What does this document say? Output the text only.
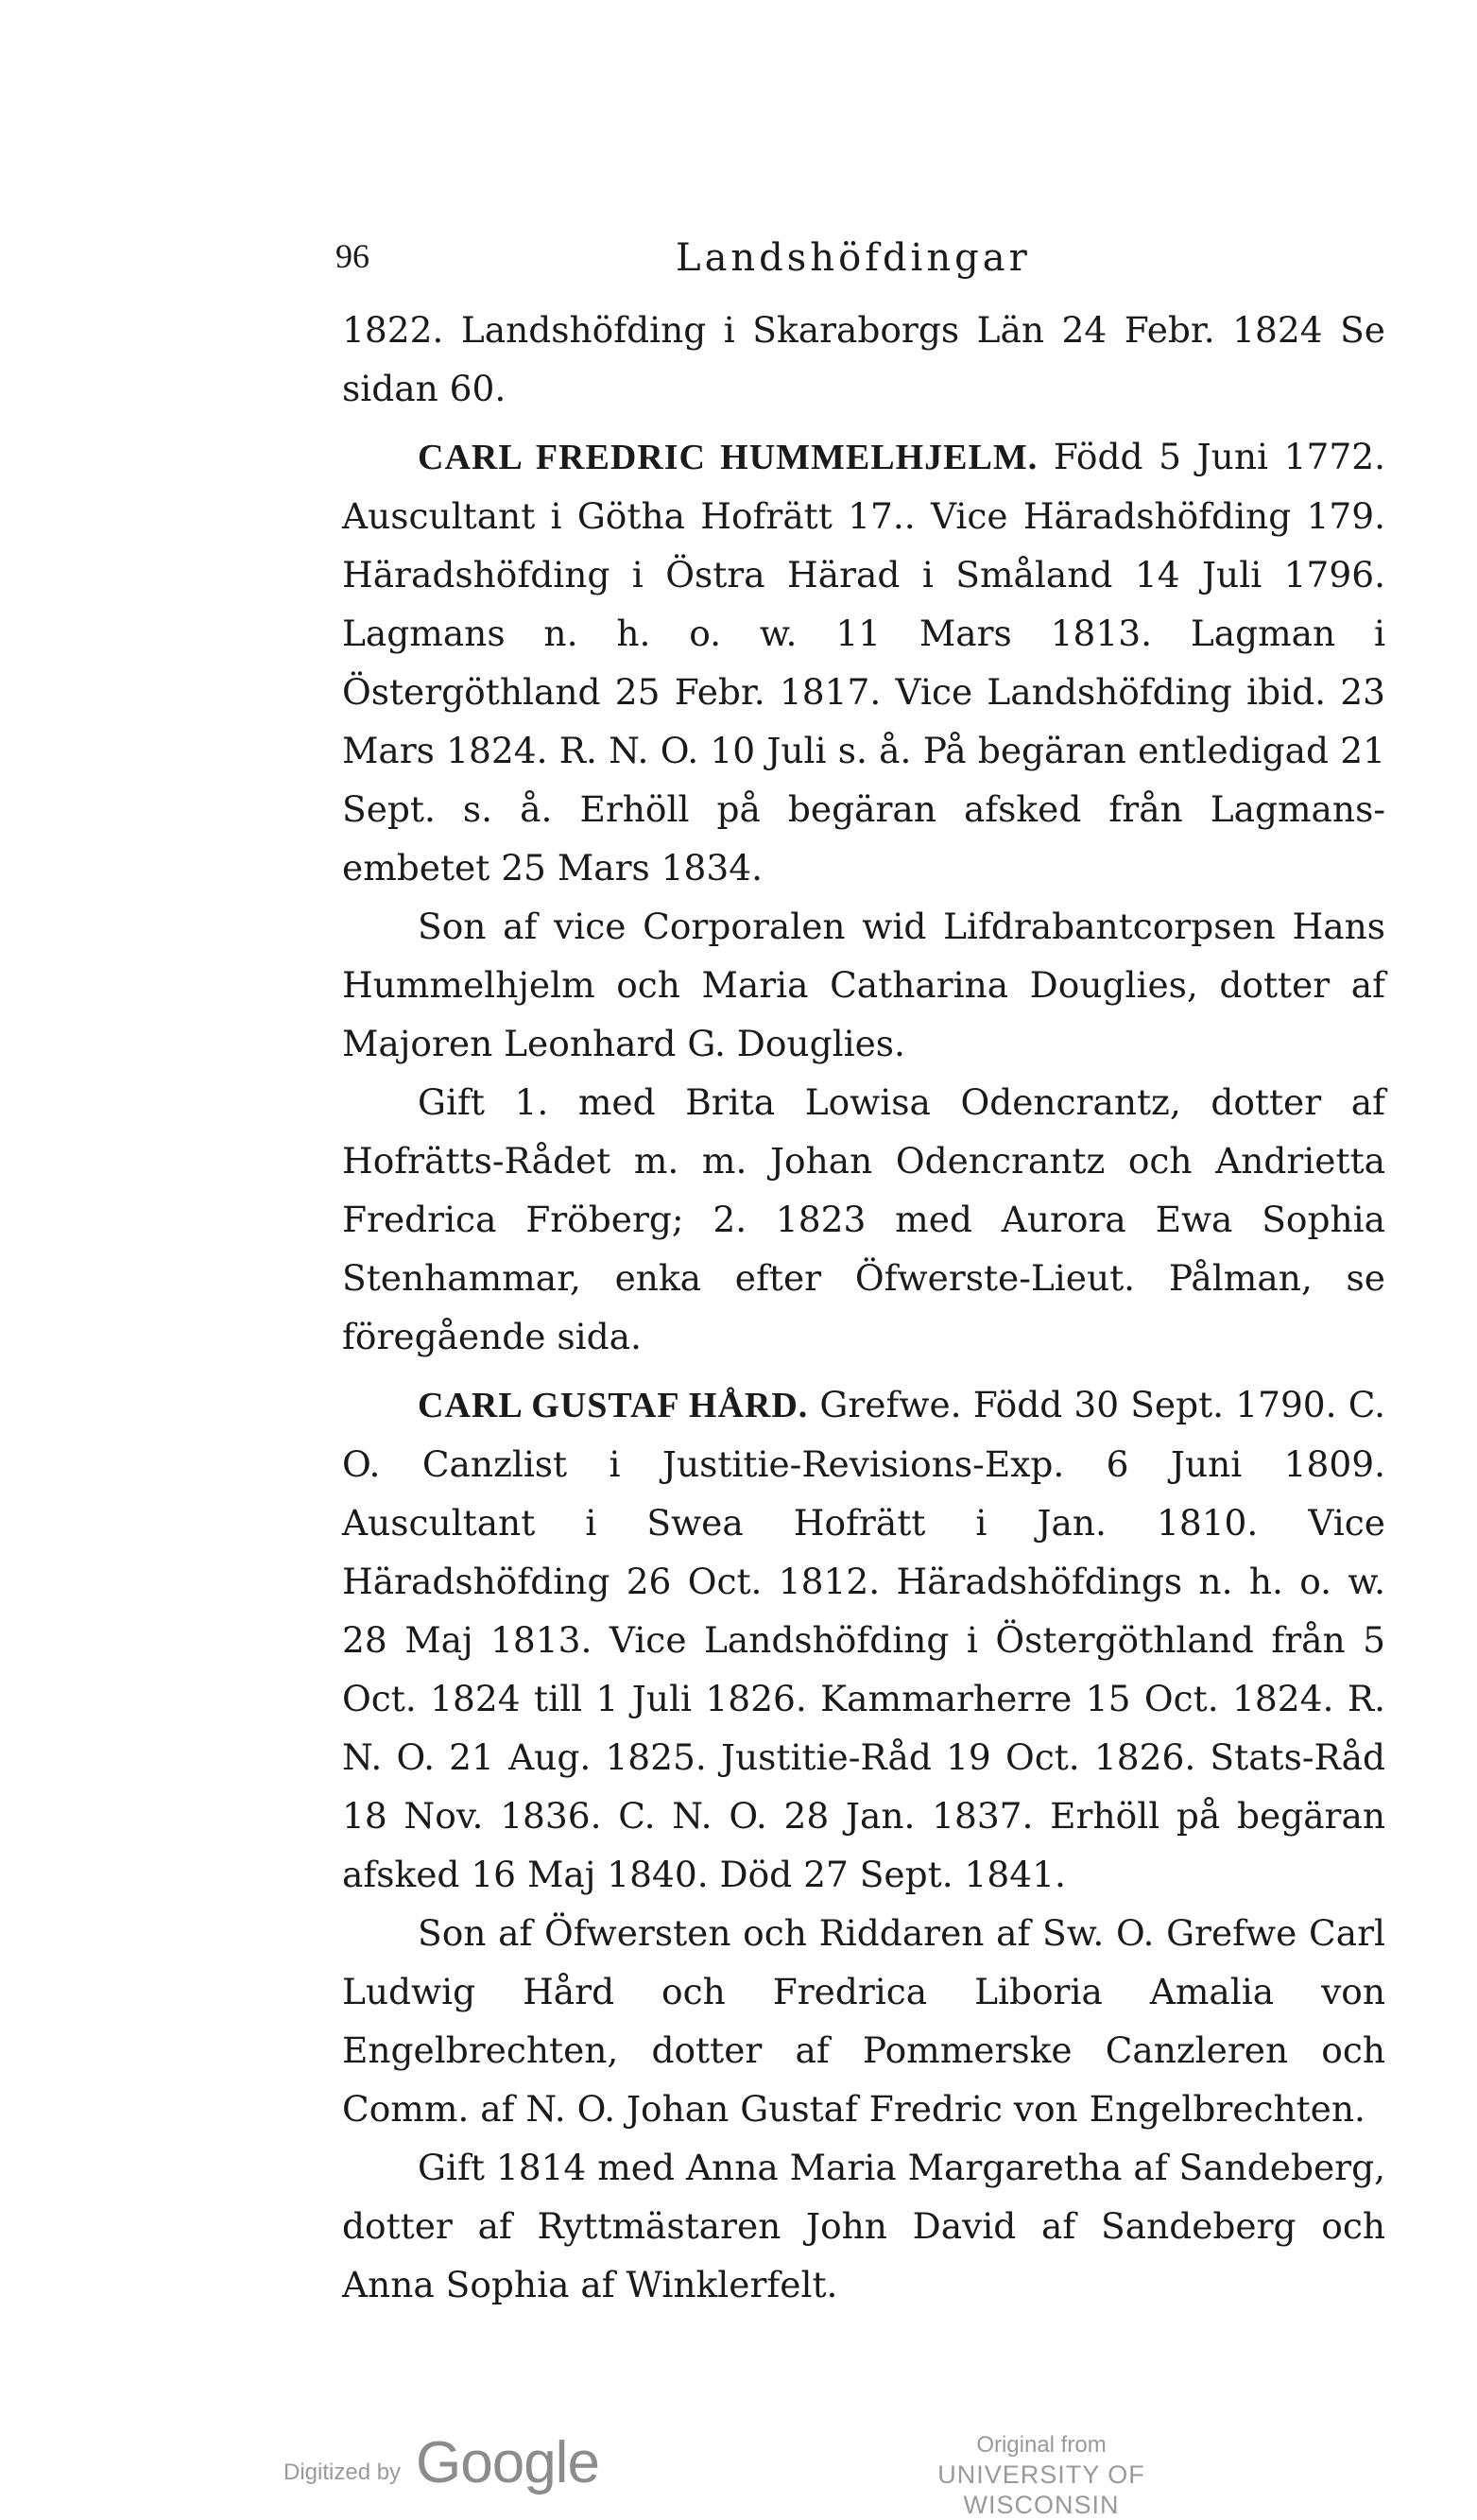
96	Landshöfdingar

1822. Landshöfding i Skaraborgs Län 24 Febr. 1824 Se sidan 60.

CARL FREDRIC HUMMELHJELM. Född 5 Juni 1772. Auscultant i Götha Hofrätt 17.. Vice Häradshöfding 179. Häradshöfding i Östra Härad i Småland 14 Juli 1796. Lagmans n. h. o. w. 11 Mars 1813. Lagman i Östergöthland 25 Febr. 1817. Vice Landshöfding ibid. 23 Mars 1824. R. N. O. 10 Juli s. å. På begäran entledigad 21 Sept. s. å. Erhöll på begäran afsked från Lagmans-embetet 25 Mars 1834.

Son af vice Corporalen wid Lifdrabantcorpsen Hans Hummelhjelm och Maria Catharina Douglies, dotter af Majoren Leonhard G. Douglies.

Gift 1. med Brita Lowisa Odencrantz, dotter af Hofrätts-Rådet m. m. Johan Odencrantz och Andrietta Fredrica Fröberg; 2. 1823 med Aurora Ewa Sophia Stenhammar, enka efter Öfwerste-Lieut. Pålman, se föregående sida.

CARL GUSTAF HÅRD. Grefwe. Född 30 Sept. 1790. C. O. Canzlist i Justitie-Revisions-Exp. 6 Juni 1809. Auscultant i Swea Hofrätt i Jan. 1810. Vice Häradshöfding 26 Oct. 1812. Häradshöfdings n. h. o. w. 28 Maj 1813. Vice Landshöfding i Östergöthland från 5 Oct. 1824 till 1 Juli 1826. Kammarherre 15 Oct. 1824. R. N. O. 21 Aug. 1825. Justitie-Råd 19 Oct. 1826. Stats-Råd 18 Nov. 1836. C. N. O. 28 Jan. 1837. Erhöll på begäran afsked 16 Maj 1840. Död 27 Sept. 1841.

Son af Öfwersten och Riddaren af Sw. O. Grefwe Carl Ludwig Hård och Fredrica Liboria Amalia von Engelbrechten, dotter af Pommerske Canzleren och Comm. af N. O. Johan Gustaf Fredric von Engelbrechten.

Gift 1814 med Anna Maria Margaretha af Sandeberg, dotter af Ryttmästaren John David af Sandeberg och Anna Sophia af Winklerfelt.

Digitized by Google	Original from
UNIVERSITY OF WISCONSIN
